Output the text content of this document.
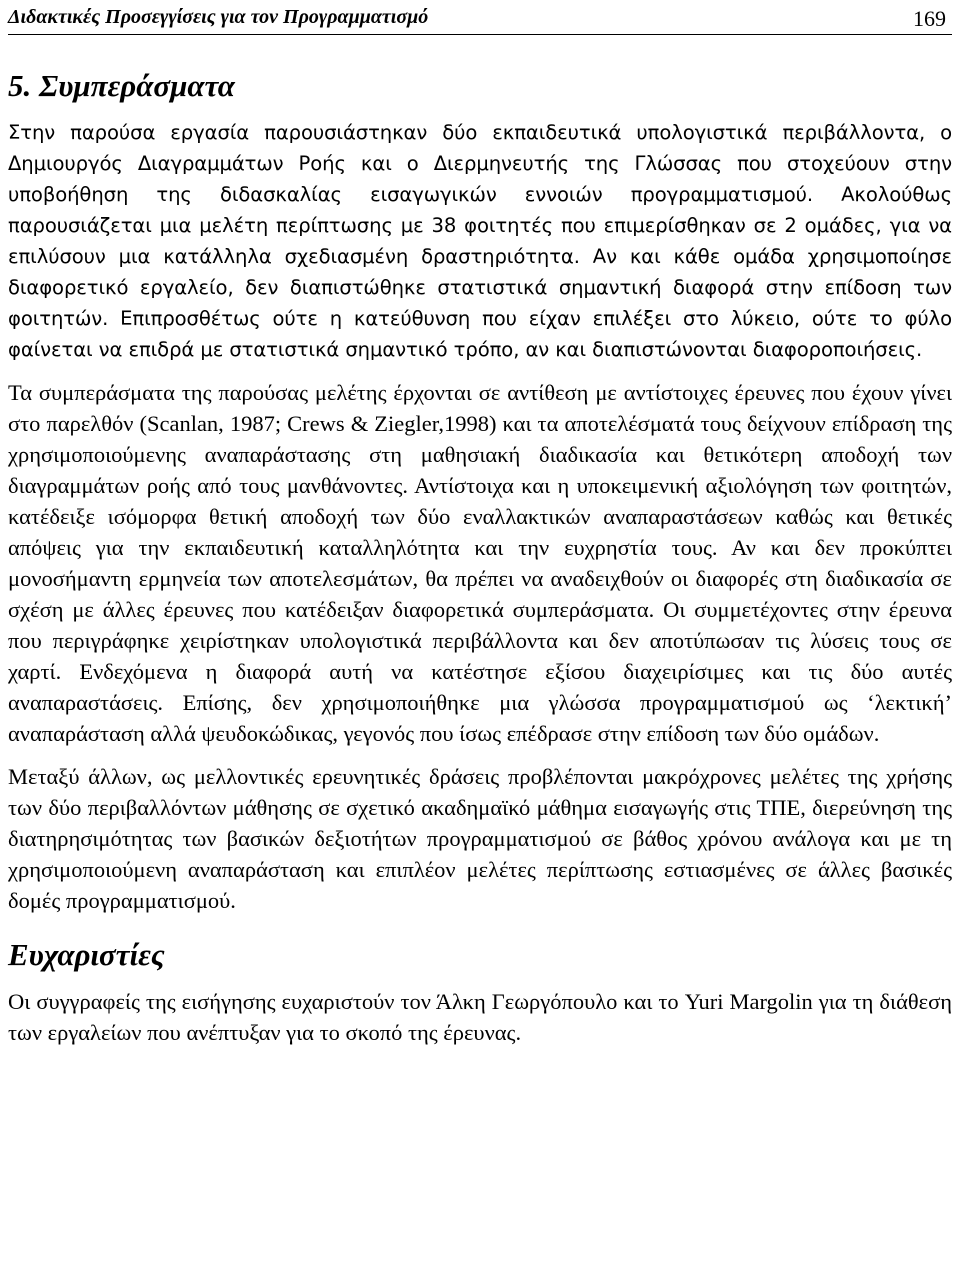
Διδακτικές Προσεγγίσεις για τον Προγραμματισμό	169
5. Συμπεράσματα

Στην παρούσα εργασία παρουσιάστηκαν δύο εκπαιδευτικά υπολογιστικά περιβάλλοντα, ο Δημιουργός Διαγραμμάτων Ροής και ο Διερμηνευτής της Γλώσσας που στοχεύουν στην υποβοήθηση της διδασκαλίας εισαγωγικών εννοιών προγραμματισμού. Ακολούθως παρουσιάζεται μια μελέτη περίπτωσης με 38 φοιτητές που επιμερίσθηκαν σε 2 ομάδες, για να επιλύσουν μια κατάλληλα σχεδιασμένη δραστηριότητα. Αν και κάθε ομάδα χρησιμοποίησε διαφορετικό εργαλείο, δεν διαπιστώθηκε στατιστικά σημαντική διαφορά στην επίδοση των φοιτητών. Επιπροσθέτως ούτε η κατεύθυνση που είχαν επιλέξει στο λύκειο, ούτε το φύλο φαίνεται να επιδρά με στατιστικά σημαντικό τρόπο, αν και διαπιστώνονται διαφοροποιήσεις.

Τα συμπεράσματα της παρούσας μελέτης έρχονται σε αντίθεση με αντίστοιχες έρευνες που έχουν γίνει στο παρελθόν (Scanlan, 1987; Crews & Ziegler,1998) και τα αποτελέσματά τους δείχνουν επίδραση της χρησιμοποιούμενης αναπαράστασης στη μαθησιακή διαδικασία και θετικότερη αποδοχή των διαγραμμάτων ροής από τους μανθάνοντες. Αντίστοιχα και η υποκειμενική αξιολόγηση των φοιτητών, κατέδειξε ισόμορφα θετική αποδοχή των δύο εναλλακτικών αναπαραστάσεων καθώς και θετικές απόψεις για την εκπαιδευτική καταλληλότητα και την ευχρηστία τους. Αν και δεν προκύπτει μονοσήμαντη ερμηνεία των αποτελεσμάτων, θα πρέπει να αναδειχθούν οι διαφορές στη διαδικασία σε σχέση με άλλες έρευνες που κατέδειξαν διαφορετικά συμπεράσματα. Οι συμμετέχοντες στην έρευνα που περιγράφηκε χειρίστηκαν υπολογιστικά περιβάλλοντα και δεν αποτύπωσαν τις λύσεις τους σε χαρτί. Ενδεχόμενα η διαφορά αυτή να κατέστησε εξίσου διαχειρίσιμες και τις δύο αυτές αναπαραστάσεις. Επίσης, δεν χρησιμοποιήθηκε μια γλώσσα προγραμματισμού ως ‘λεκτική’ αναπαράσταση αλλά ψευδοκώδικας, γεγονός που ίσως επέδρασε στην επίδοση των δύο ομάδων.

Μεταξύ άλλων, ως μελλοντικές ερευνητικές δράσεις προβλέπονται μακρόχρονες μελέτες της χρήσης των δύο περιβαλλόντων μάθησης σε σχετικό ακαδημαϊκό μάθημα εισαγωγής στις ΤΠΕ, διερεύνηση της διατηρησιμότητας των βασικών δεξιοτήτων προγραμματισμού σε βάθος χρόνου ανάλογα και με τη χρησιμοποιούμενη αναπαράσταση και επιπλέον μελέτες περίπτωσης εστιασμένες σε άλλες βασικές δομές προγραμματισμού.

Ευχαριστίες

Οι συγγραφείς της εισήγησης ευχαριστούν τον Άλκη Γεωργόπουλο και το Yuri Margolin για τη διάθεση των εργαλείων που ανέπτυξαν για το σκοπό της έρευνας.
